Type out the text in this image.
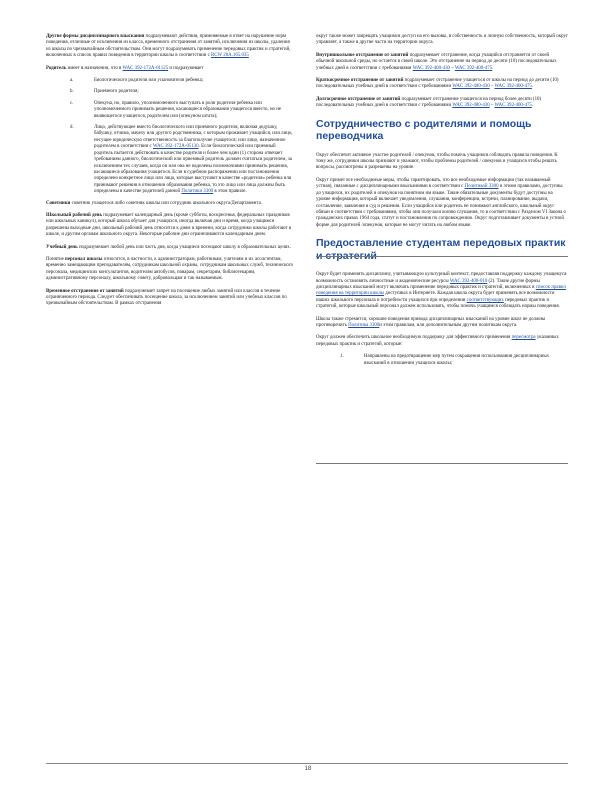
Другие формы дисциплинарного взыскания подразумевают действия, применяемые в ответ на нарушение норм поведения, отличные от исключения из класса, временного отстранения от занятий, исключения из школы, удаления из школы по чрезвычайным обстоятельствам. Они могут подразумевать применение передовых практик и стратегий, включенных в список правил поведения в территории школы в соответствии с RCW 28A.165.035
Родитель имеет в назначении, что в WAC 392-172A-01125 и подразумевает
a.	Биологического родителя или усыновителя ребенка;
b.	Приемного родителя;
c.	Опекуна, но, правило, уполномоченного выступать в роли родителя ребенка или уполномоченного принимать решения, касающиеся образования учащегося вместо, но не являющегося учащегося, родителем или (опекуном штата);
d.	Лицо, действующее вместо биологического или приемного родителя, включая дедушку, бабушку, отчима, мачеху или другого родственника, с которым проживает учащийся, или лицо, несущее юридическую ответственность за благополучие учащегося; или лицо, назначенное родителем в соответствии с WAC 392-172A-05130. Если биологический или приемный родитель пытается действовать в качестве родителя и более чем один (1) сторона отвечает требованиям данного, биологический или приемный родитель должен считаться родителем, за исключением тех случаев, когда он или она не наделены полномочиями принимать решения, касающиеся образования учащегося. Если в судебном распоряжении или постановлении определено конкретное лицо или лица, которые выступают в качестве «родителя» ребенка или принимают решения в отношении образования ребенка, то это лицо или лица должны быть определены в качестве родителей данной Политики 3300 в этом правиле.
Советники советник учащегося либо советник школы или сотрудник школьного округа/Департамента.
Школьный рабочий день подразумевает календарный день (кроме субботы, воскресенья, федеральных праздников или школьных каникул), который школа обучает для учащихся, иногда включая дни и время, когда учащимся разрешены выходные дни, школьный рабочий день относится к дням и времени, когда сотрудники школы работают в школе, и другим органам школьного округа. Некоторые рабочие дни ограничиваются календарным днем.
Учебный день подразумевает любой день или часть дня, когда учащиеся посещают школу в образовательных целях.
Понятие персонал школы относится, в частности, к администраторам, работникам, учителям и их ассистентам, временно замещающим преподавателям, сотрудникам школьной охраны, сотрудникам школьных служб, технического персонала, медицинских консультантов, водителям автобусов, поварам, секретарям, библиотекарям, административному персоналу, школьному совету, добровольцам и так называемым.
Временное отстранение от занятий подразумевает запрет на посещение любых занятий или классов в течение ограниченного периода. Следует обеспечивать посещение школа, за исключением занятий или учебных классов по чрезвычайным обстоятельствам. В рамках отстранения
округ также может запрещать учащимся доступ на его вызовы, в собственность и личную собственность, который округ управляет, а также в другие части на территории округа.
Внутришкольное отстранение от занятий подразумевает отстранение, когда учащийся отстраняется от своей обычной школьной среды, но остается в своей школе. Это отстранение на период до десяти (10) последовательных учебных дней в соответствии с требованиями WAC 392-400-430 – WAC 392-400-475.
Краткосрочное отстранение от занятий подразумевает отстранение учащегося от школы на период до десяти (10) последовательных учебных дней в соответствии с требованиями WAC 392-400-430 – WAC 392-400-475.
Долгосрочное отстранение от занятий подразумевает отстранение учащегося на период более десяти (10) последовательных учебных дней в соответствии с требованиями WAC 392-400-430 – WAC 392-400-475.
Сотрудничество с родителями и помощь переводчика
Округ обеспечит активное участие родителей / опекунов, чтобы помочь учащимся соблюдать правила поведения. К тому же, сотрудники школы признают и уважают, чтобы проблемы родителей / опекунов и учащихся чтобы решать вопросы, рассмотрены и разрешены на уровне.
Округ примет все необходимые меры, чтобы гарантировать, что все необходимые информации (так называемый устная), связанные с дисциплинарными взысканиями в соответствии с Политикой 3300 и этими правилами, доступны до учащихся, их родителей и опекунов на понятном им языке. Такие обязательные документы будут доступны на уровне информация, который включает уведомления, слушания, конференции, встречи, планирование, выдачи, составление, заявления в суд и решения. Если учащийся или родитель не понимают английского, школьный округ обязан в соответствии с требованиями, чтобы они получали копию слушания, то в соответствии с Разделом VI Закона о гражданских правах 1964 года, статут и постановления по сопровождению. Округ подготавливает документы в устной форме для родителей /опекунов, которые не могут читать на любом языке.
Предоставление студентам передовых практик и стратегий
Округ будет применять дисциплину, учитывающую культурный контекст, предоставляя поддержку каждому учащемуся возможность остановить личностные и академические ресурсы WAC 392-400-010 (2). Такие другие формы дисциплинарных взысканий могут включать применение передовых практик и стратегий, включенных в список правил поведения на территории школы доступных в Интернете. Каждая школа округа будет применять все возможности наших школьного персонала и потребности учащихся при определении соответствующих передовых практик и стратегий, которые школьный персонал должен использовать, чтобы помочь учащимся соблюдать нормы поведения.
Школа также стремится, хорошие поведения привода дисциплинарных взысканий на уровне школ не должны противоречить Политика 3300и этим правилам, или дополнительным другим политикам округа.
Округ должен обеспечить школьное необходимую поддержку для эффективного применения пересмотра указанных передовых практик и стратегий, которые:
1.	Направлены на предотвращение мер путем сокращения использования дисциплинарных взысканий в отношении учащихся школы;
18
